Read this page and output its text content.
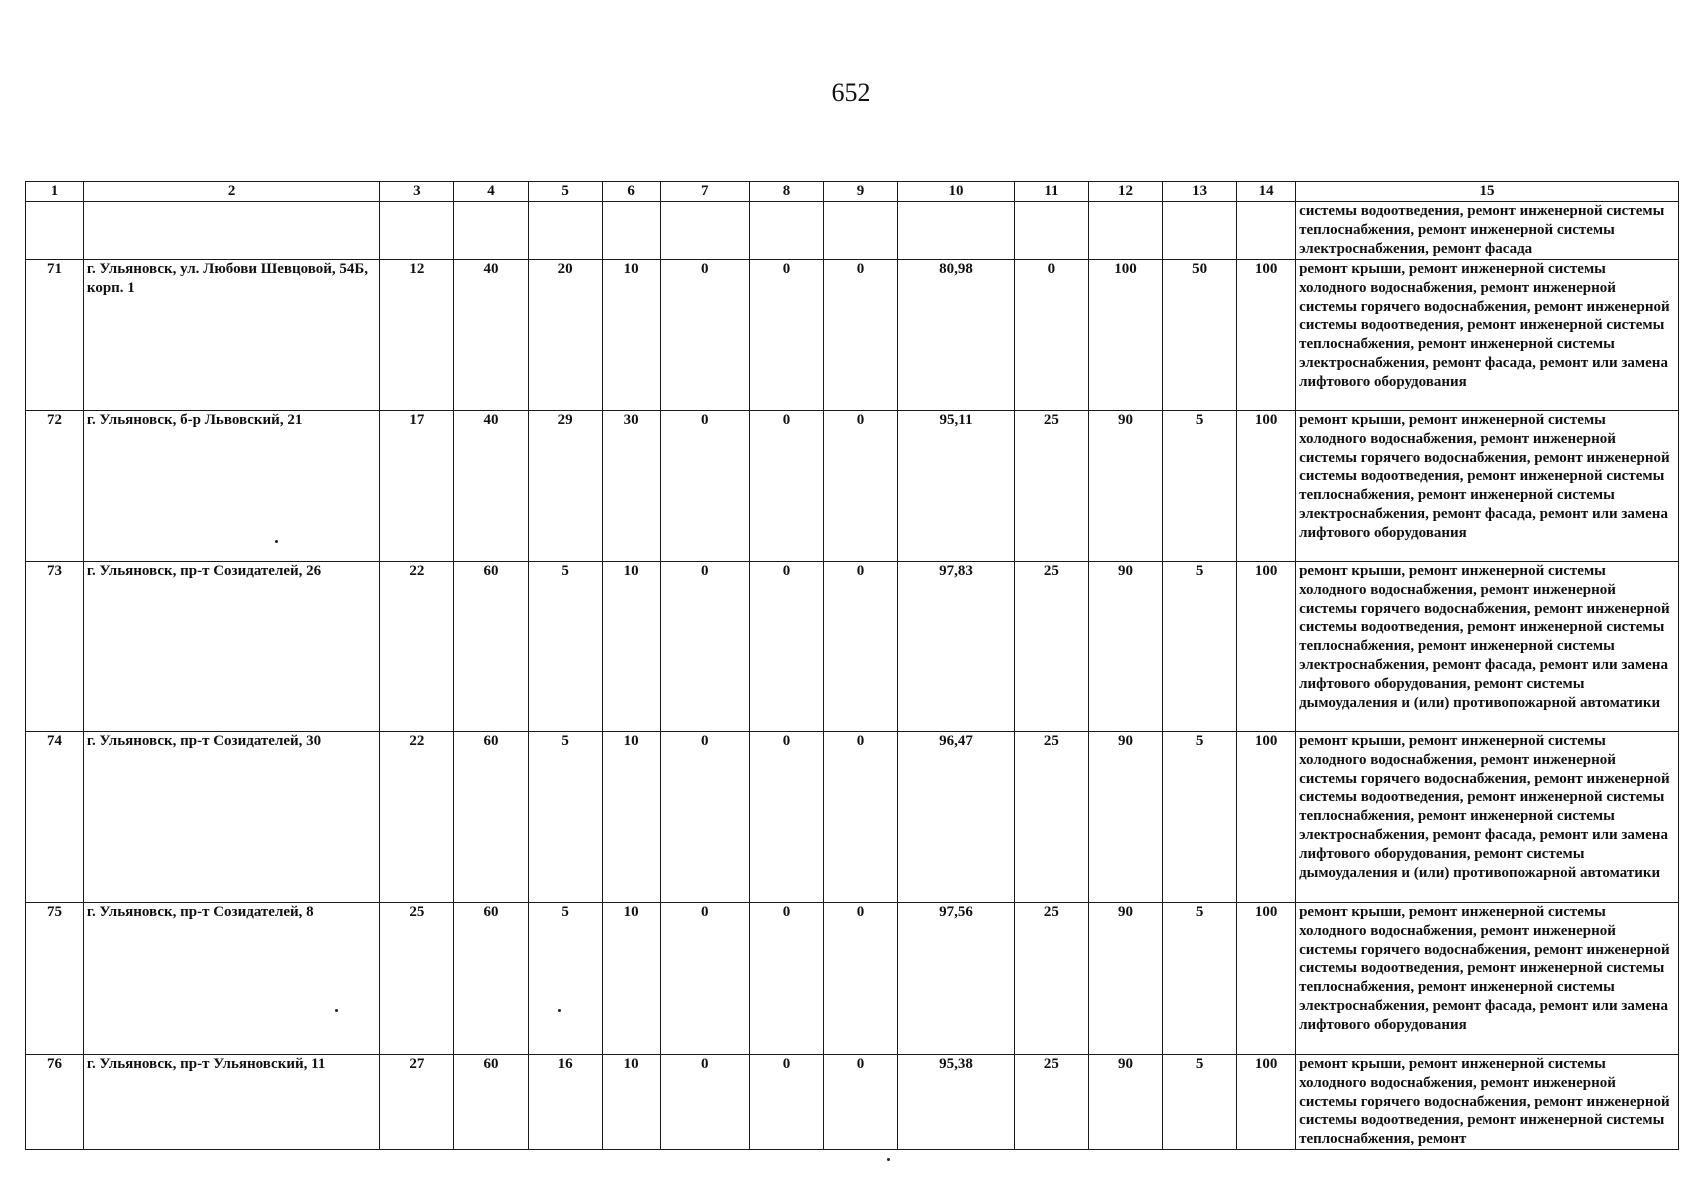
652
1	2	3	4	5	6	7	8	9	10	11	12	13	14	15
														системы водоотведения, ремонт инженерной системы теплоснабжения, ремонт инженерной системы электроснабжения, ремонт фасада
71	г. Ульяновск, ул. Любови Шевцовой, 54Б, корп. 1	12	40	20	10	0	0	0	80,98	0	100	50	100	ремонт крыши, ремонт инженерной системы холодного водоснабжения, ремонт инженерной системы горячего водоснабжения, ремонт инженерной системы водоотведения, ремонт инженерной системы теплоснабжения, ремонт инженерной системы электроснабжения, ремонт фасада, ремонт или замена лифтового оборудования
72	г. Ульяновск, б-р Львовский, 21	17	40	29	30	0	0	0	95,11	25	90	5	100	ремонт крыши, ремонт инженерной системы холодного водоснабжения, ремонт инженерной системы горячего водоснабжения, ремонт инженерной системы водоотведения, ремонт инженерной системы теплоснабжения, ремонт инженерной системы электроснабжения, ремонт фасада, ремонт или замена лифтового оборудования
73	г. Ульяновск, пр-т Созидателей, 26	22	60	5	10	0	0	0	97,83	25	90	5	100	ремонт крыши, ремонт инженерной системы холодного водоснабжения, ремонт инженерной системы горячего водоснабжения, ремонт инженерной системы водоотведения, ремонт инженерной системы теплоснабжения, ремонт инженерной системы электроснабжения, ремонт фасада, ремонт или замена лифтового оборудования, ремонт системы дымоудаления и (или) противопожарной автоматики
74	г. Ульяновск, пр-т Созидателей, 30	22	60	5	10	0	0	0	96,47	25	90	5	100	ремонт крыши, ремонт инженерной системы холодного водоснабжения, ремонт инженерной системы горячего водоснабжения, ремонт инженерной системы водоотведения, ремонт инженерной системы теплоснабжения, ремонт инженерной системы электроснабжения, ремонт фасада, ремонт или замена лифтового оборудования, ремонт системы дымоудаления и (или) противопожарной автоматики
75	г. Ульяновск, пр-т Созидателей, 8	25	60	5	10	0	0	0	97,56	25	90	5	100	ремонт крыши, ремонт инженерной системы холодного водоснабжения, ремонт инженерной системы горячего водоснабжения, ремонт инженерной системы водоотведения, ремонт инженерной системы теплоснабжения, ремонт инженерной системы электроснабжения, ремонт фасада, ремонт или замена лифтового оборудования
76	г. Ульяновск, пр-т Ульяновский, 11	27	60	16	10	0	0	0	95,38	25	90	5	100	ремонт крыши, ремонт инженерной системы холодного водоснабжения, ремонт инженерной системы горячего водоснабжения, ремонт инженерной системы водоотведения, ремонт инженерной системы теплоснабжения, ремонт
